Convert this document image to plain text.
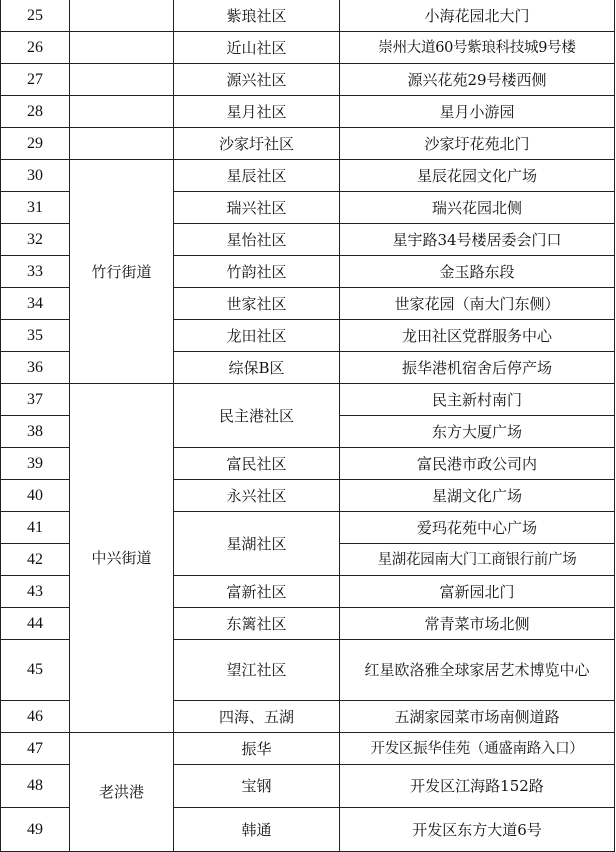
25		紫琅社区	小海花园北大门
26		近山社区	崇州大道60号紫琅科技城9号楼
27		源兴社区	源兴花苑29号楼西侧
28		星月社区	星月小游园
29		沙家圩社区	沙家圩花苑北门
30	竹行街道	星辰社区	星辰花园文化广场
31		瑞兴社区	瑞兴花园北侧
32		星怡社区	星宇路34号楼居委会门口
33		竹韵社区	金玉路东段
34		世家社区	世家花园（南大门东侧）
35		龙田社区	龙田社区党群服务中心
36		综保B区	振华港机宿舍后停产场
37	中兴街道	民主港社区	民主新村南门
38			东方大厦广场
39		富民社区	富民港市政公司内
40		永兴社区	星湖文化广场
41		星湖社区	爱玛花苑中心广场
42			星湖花园南大门工商银行前广场
43		富新社区	富新园北门
44		东篱社区	常青菜市场北侧
45		望江社区	红星欧洛雅全球家居艺术博览中心
46		四海、五湖	五湖家园菜市场南侧道路
47	老洪港	振华	开发区振华佳苑（通盛南路入口）
48		宝钢	开发区江海路152路
49		韩通	开发区东方大道6号
